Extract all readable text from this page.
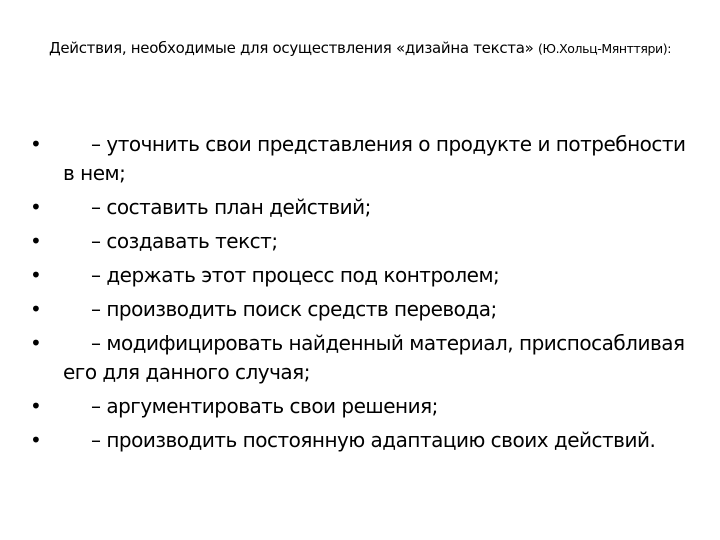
Действия, необходимые для осуществления «дизайна текста» (Ю.Хольц-Мянттяри):
•	– уточнить свои представления о продукте и потребности в нем;
•	– составить план действий;
•	– создавать текст;
•	– держать этот процесс под контролем;
•	– производить поиск средств перевода;
•	– модифицировать найденный материал, приспосабливая его для данного случая;
•	– аргументировать свои решения;
•	– производить постоянную адаптацию своих действий.
